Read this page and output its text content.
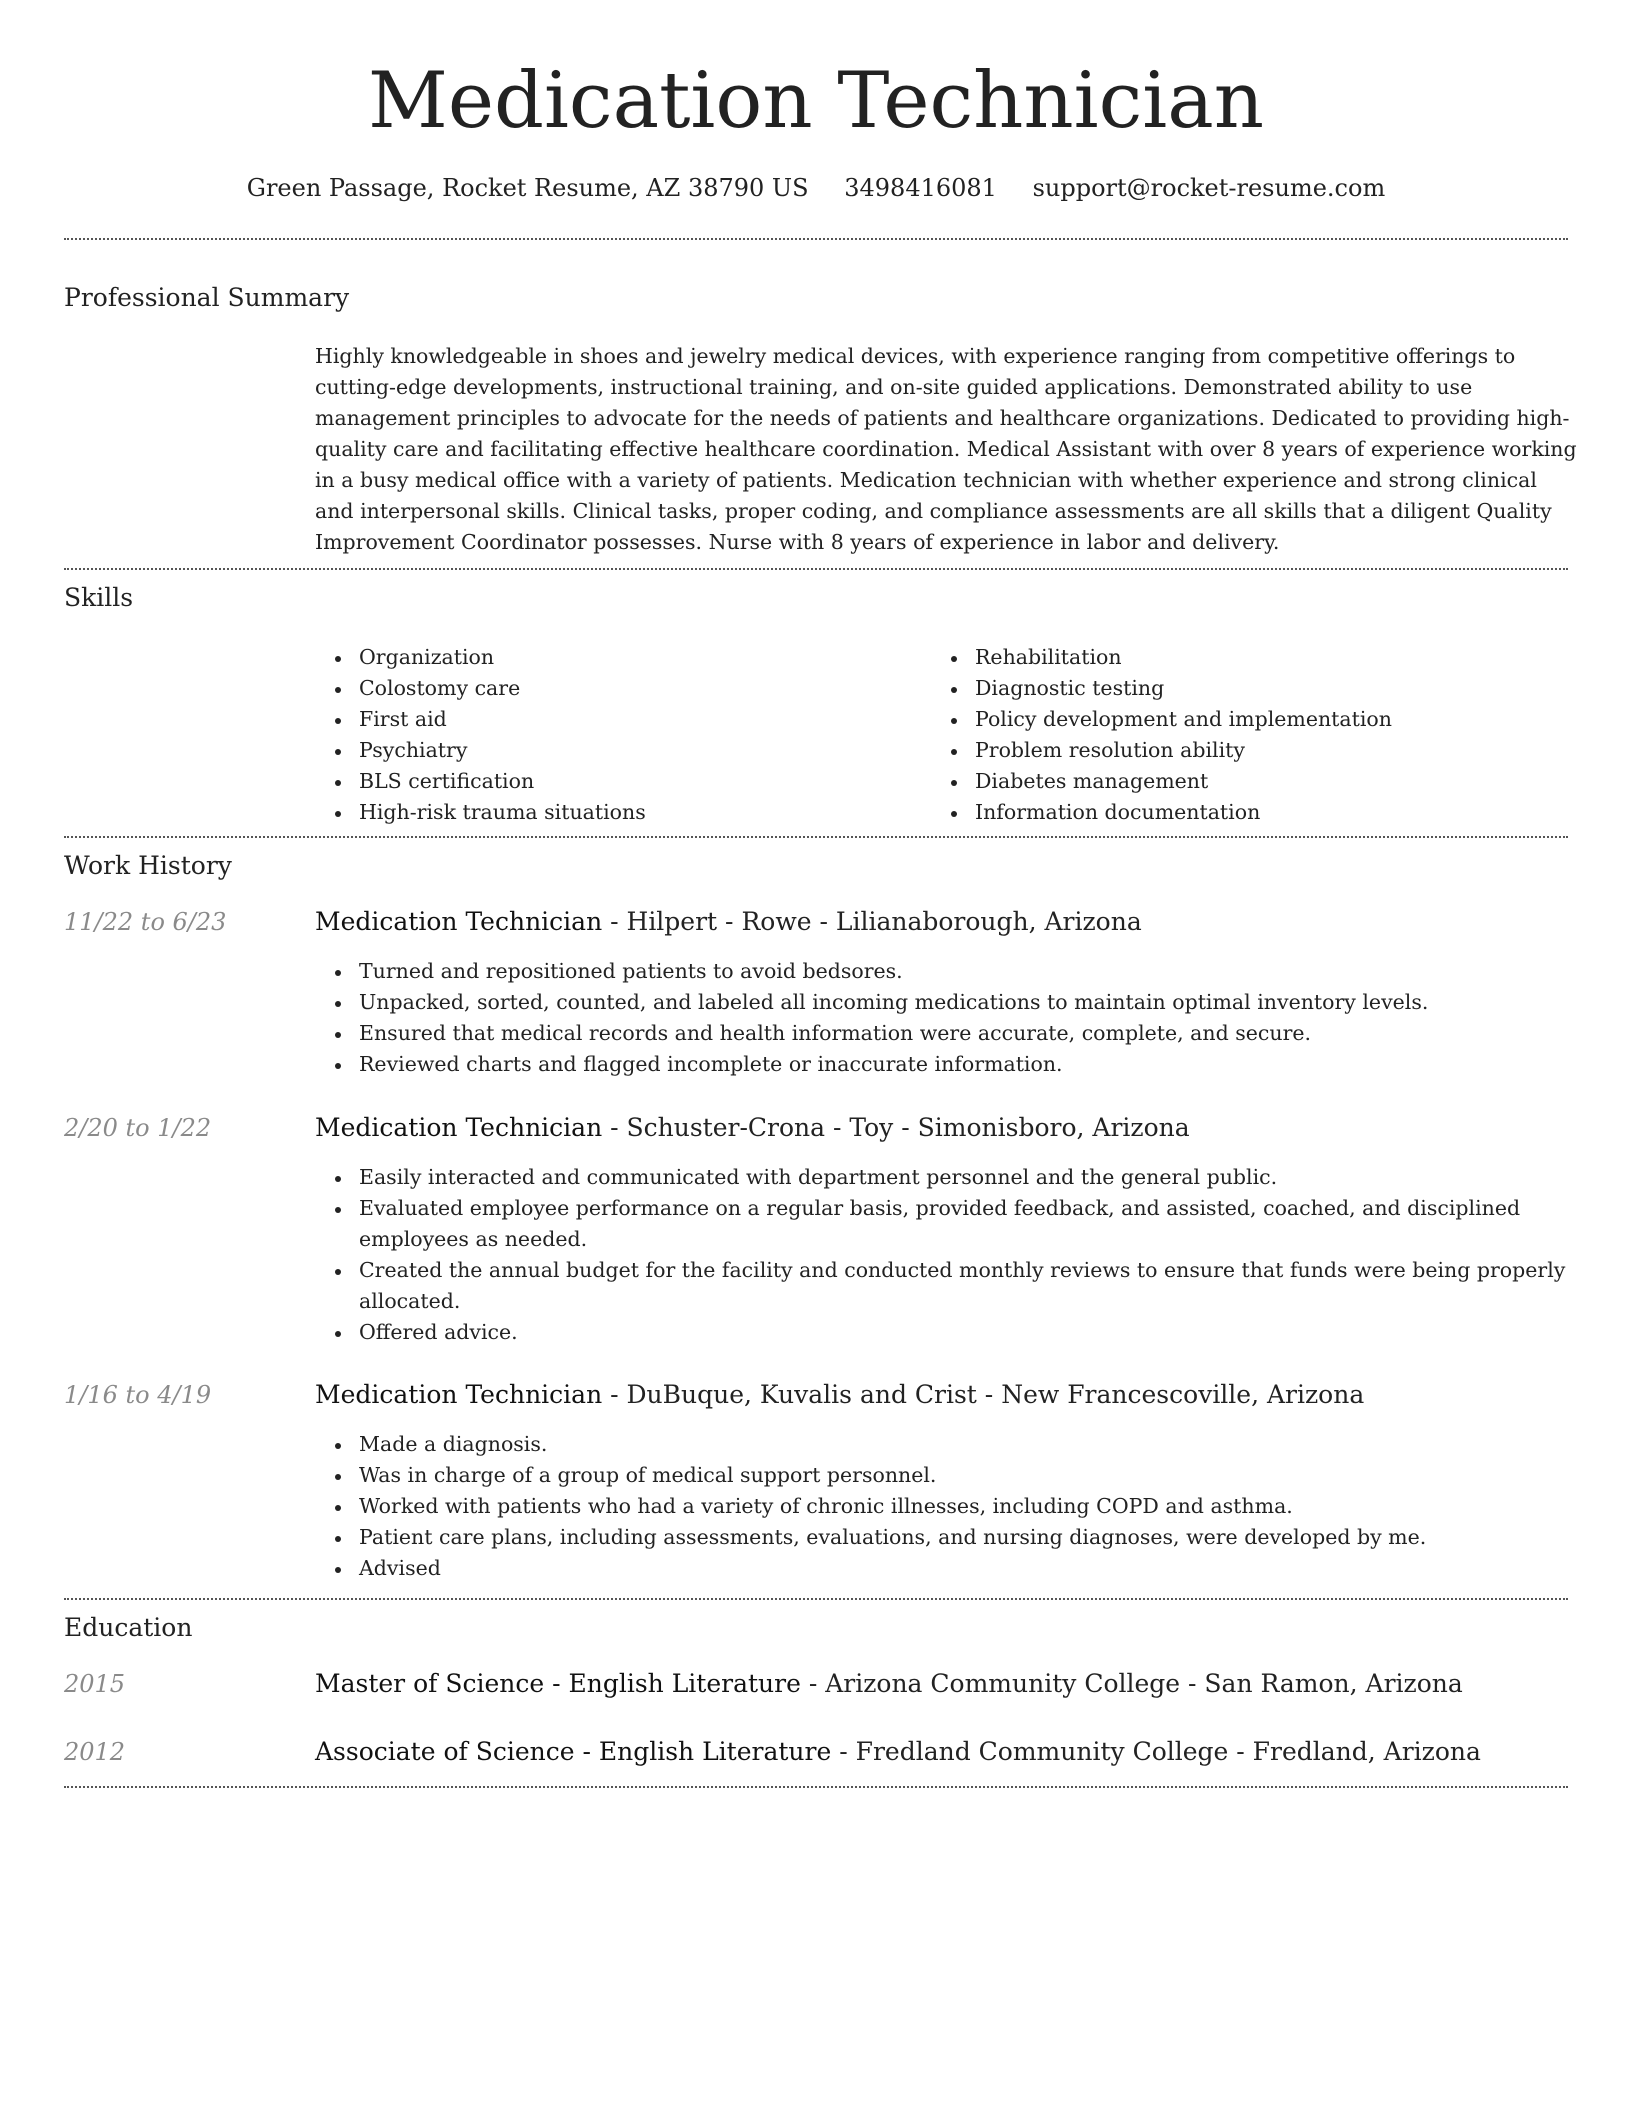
Medication Technician
Green Passage, Rocket Resume, AZ 38790 US 3498416081 support@rocket-resume.com
Professional Summary

Highly knowledgeable in shoes and jewelry medical devices, with experience ranging from competitive offerings to cutting-edge developments, instructional training, and on-site guided applications. Demonstrated ability to use management principles to advocate for the needs of patients and healthcare organizations. Dedicated to providing high-quality care and facilitating effective healthcare coordination. Medical Assistant with over 8 years of experience working in a busy medical office with a variety of patients. Medication technician with whether experience and strong clinical and interpersonal skills. Clinical tasks, proper coding, and compliance assessments are all skills that a diligent Quality Improvement Coordinator possesses. Nurse with 8 years of experience in labor and delivery.

Skills
Organization
Colostomy care
First aid
Psychiatry
BLS certification
High-risk trauma situations
Rehabilitation
Diagnostic testing
Policy development and implementation
Problem resolution ability
Diabetes management
Information documentation
Work History
11/22 to 6/23	Medication Technician - Hilpert - Rowe - Lilianaborough, Arizona
Turned and repositioned patients to avoid bedsores.
Unpacked, sorted, counted, and labeled all incoming medications to maintain optimal inventory levels.
Ensured that medical records and health information were accurate, complete, and secure.
Reviewed charts and flagged incomplete or inaccurate information.
2/20 to 1/22	Medication Technician - Schuster-Crona - Toy - Simonisboro, Arizona
Easily interacted and communicated with department personnel and the general public.
Evaluated employee performance on a regular basis, provided feedback, and assisted, coached, and disciplined employees as needed.
Created the annual budget for the facility and conducted monthly reviews to ensure that funds were being properly allocated.
Offered advice.
1/16 to 4/19	Medication Technician - DuBuque, Kuvalis and Crist - New Francescoville, Arizona
Made a diagnosis.
Was in charge of a group of medical support personnel.
Worked with patients who had a variety of chronic illnesses, including COPD and asthma.
Patient care plans, including assessments, evaluations, and nursing diagnoses, were developed by me.
Advised
Education
2015	Master of Science - English Literature - Arizona Community College - San Ramon, Arizona
2012	Associate of Science - English Literature - Fredland Community College - Fredland, Arizona
